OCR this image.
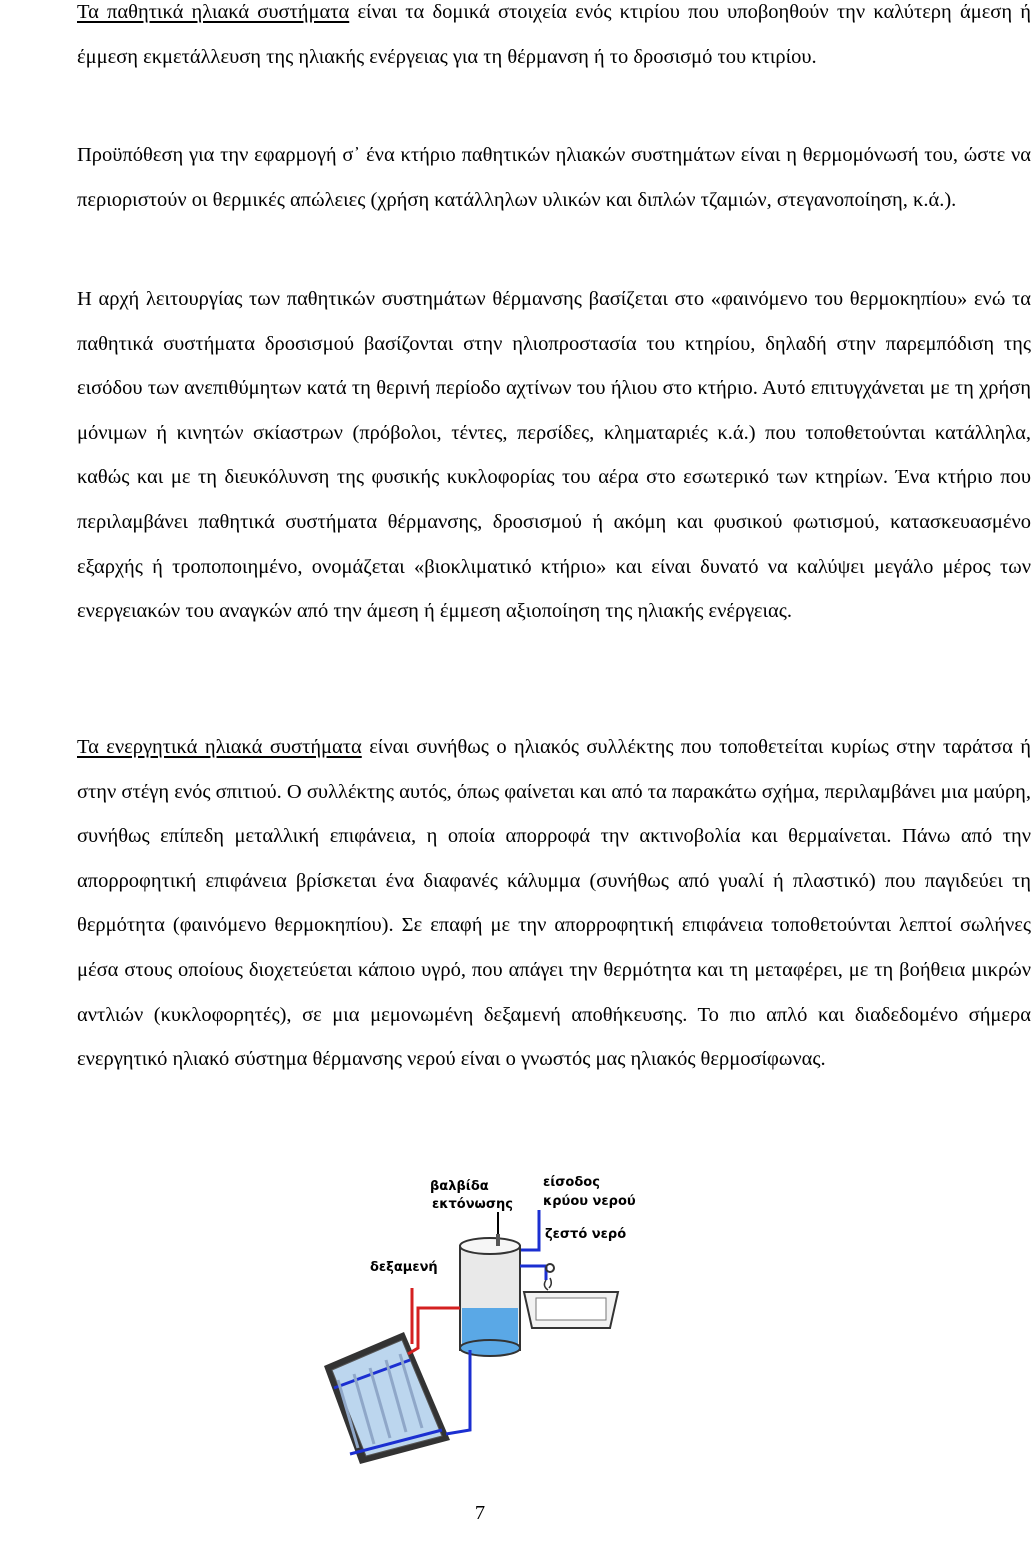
Τα παθητικά ηλιακά συστήματα είναι τα δομικά στοιχεία ενός κτιρίου που υποβοηθούν την καλύτερη άμεση ή έμμεση εκμετάλλευση της ηλιακής ενέργειας για τη θέρμανση ή το δροσισμό του κτιρίου.

Προϋπόθεση για την εφαρμογή σ᾽ ένα κτήριο παθητικών ηλιακών συστημάτων είναι η θερμομόνωσή του, ώστε να περιοριστούν οι θερμικές απώλειες (χρήση κατάλληλων υλικών και διπλών τζαμιών, στεγανοποίηση, κ.ά.).

Η αρχή λειτουργίας των παθητικών συστημάτων θέρμανσης βασίζεται στο «φαινόμενο του θερμοκηπίου» ενώ τα παθητικά συστήματα δροσισμού βασίζονται στην ηλιοπροστασία του κτηρίου, δηλαδή στην παρεμπόδιση της εισόδου των ανεπιθύμητων κατά τη θερινή περίοδο αχτίνων του ήλιου στο κτήριο. Αυτό επιτυγχάνεται με τη χρήση μόνιμων ή κινητών σκίαστρων (πρόβολοι, τέντες, περσίδες, κληματαριές κ.ά.) που τοποθετούνται κατάλληλα, καθώς και με τη διευκόλυνση της φυσικής κυκλοφορίας του αέρα στο εσωτερικό των κτηρίων. Ένα κτήριο που περιλαμβάνει παθητικά συστήματα θέρμανσης, δροσισμού ή ακόμη και φυσικού φωτισμού, κατασκευασμένο εξαρχής ή τροποποιημένο, ονομάζεται «βιοκλιματικό κτήριο» και είναι δυνατό να καλύψει μεγάλο μέρος των ενεργειακών του αναγκών από την άμεση ή έμμεση αξιοποίηση της ηλιακής ενέργειας.

Τα ενεργητικά ηλιακά συστήματα είναι συνήθως ο ηλιακός συλλέκτης που τοποθετείται κυρίως στην ταράτσα ή στην στέγη ενός σπιτιού. Ο συλλέκτης αυτός, όπως φαίνεται και από τα παρακάτω σχήμα, περιλαμβάνει μια μαύρη, συνήθως επίπεδη μεταλλική επιφάνεια, η οποία απορροφά την ακτινοβολία και θερμαίνεται. Πάνω από την απορροφητική επιφάνεια βρίσκεται ένα διαφανές κάλυμμα (συνήθως από γυαλί ή πλαστικό) που παγιδεύει τη θερμότητα (φαινόμενο θερμοκηπίου). Σε επαφή με την απορροφητική επιφάνεια τοποθετούνται λεπτοί σωλήνες μέσα στους οποίους διοχετεύεται κάποιο υγρό, που απάγει την θερμότητα και τη μεταφέρει, με τη βοήθεια μικρών αντλιών (κυκλοφορητές), σε μια μεμονωμένη δεξαμενή αποθήκευσης. Το πιο απλό και διαδεδομένο σήμερα ενεργητικό ηλιακό σύστημα θέρμανσης νερού είναι ο γνωστός μας ηλιακός θερμοσίφωνας.

βαλβίδα
εκτόνωσης
είσοδος
κρύου νερού
ζεστό νερό
δεξαμενή
7
